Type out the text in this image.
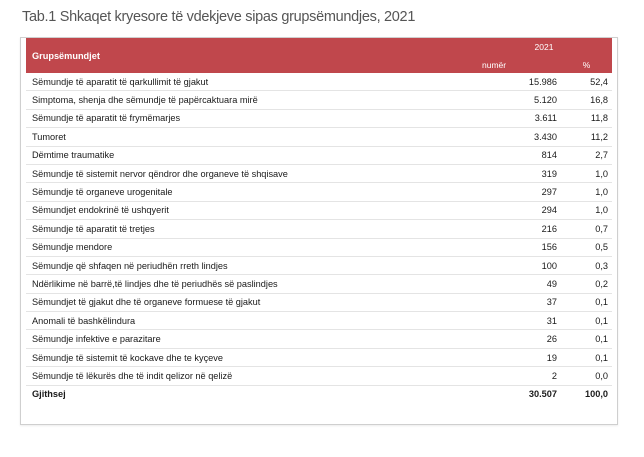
Tab.1 Shkaqet kryesore të vdekjeve sipas grupsëmundjes, 2021
Grupsëmundjet	2021	
	numër	%
Sëmundje të aparatit të qarkullimit të gjakut	15.986	52,4
Simptoma, shenja dhe sëmundje të papërcaktuara mirë	5.120	16,8
Sëmundje të aparatit të frymëmarjes	3.611	11,8
Tumoret	3.430	11,2
Dëmtime traumatike	814	2,7
Sëmundje të sistemit nervor qëndror dhe organeve të shqisave	319	1,0
Sëmundje të organeve urogenitale	297	1,0
Sëmundjet endokrinë të ushqyerit	294	1,0
Sëmundje të aparatit të tretjes	216	0,7
Sëmundje mendore	156	0,5
Sëmundje që shfaqen në periudhën rreth lindjes	100	0,3
Ndërlikime në barrë,të lindjes dhe të periudhës së paslindjes	49	0,2
Sëmundjet të gjakut dhe të organeve formuese të gjakut	37	0,1
Anomali të bashkëlindura	31	0,1
Sëmundje infektive e parazitare	26	0,1
Sëmundje të sistemit të kockave dhe te kyçeve	19	0,1
Sëmundje të lëkurës dhe të indit qelizor në qelizë	2	0,0
Gjithsej	30.507	100,0
